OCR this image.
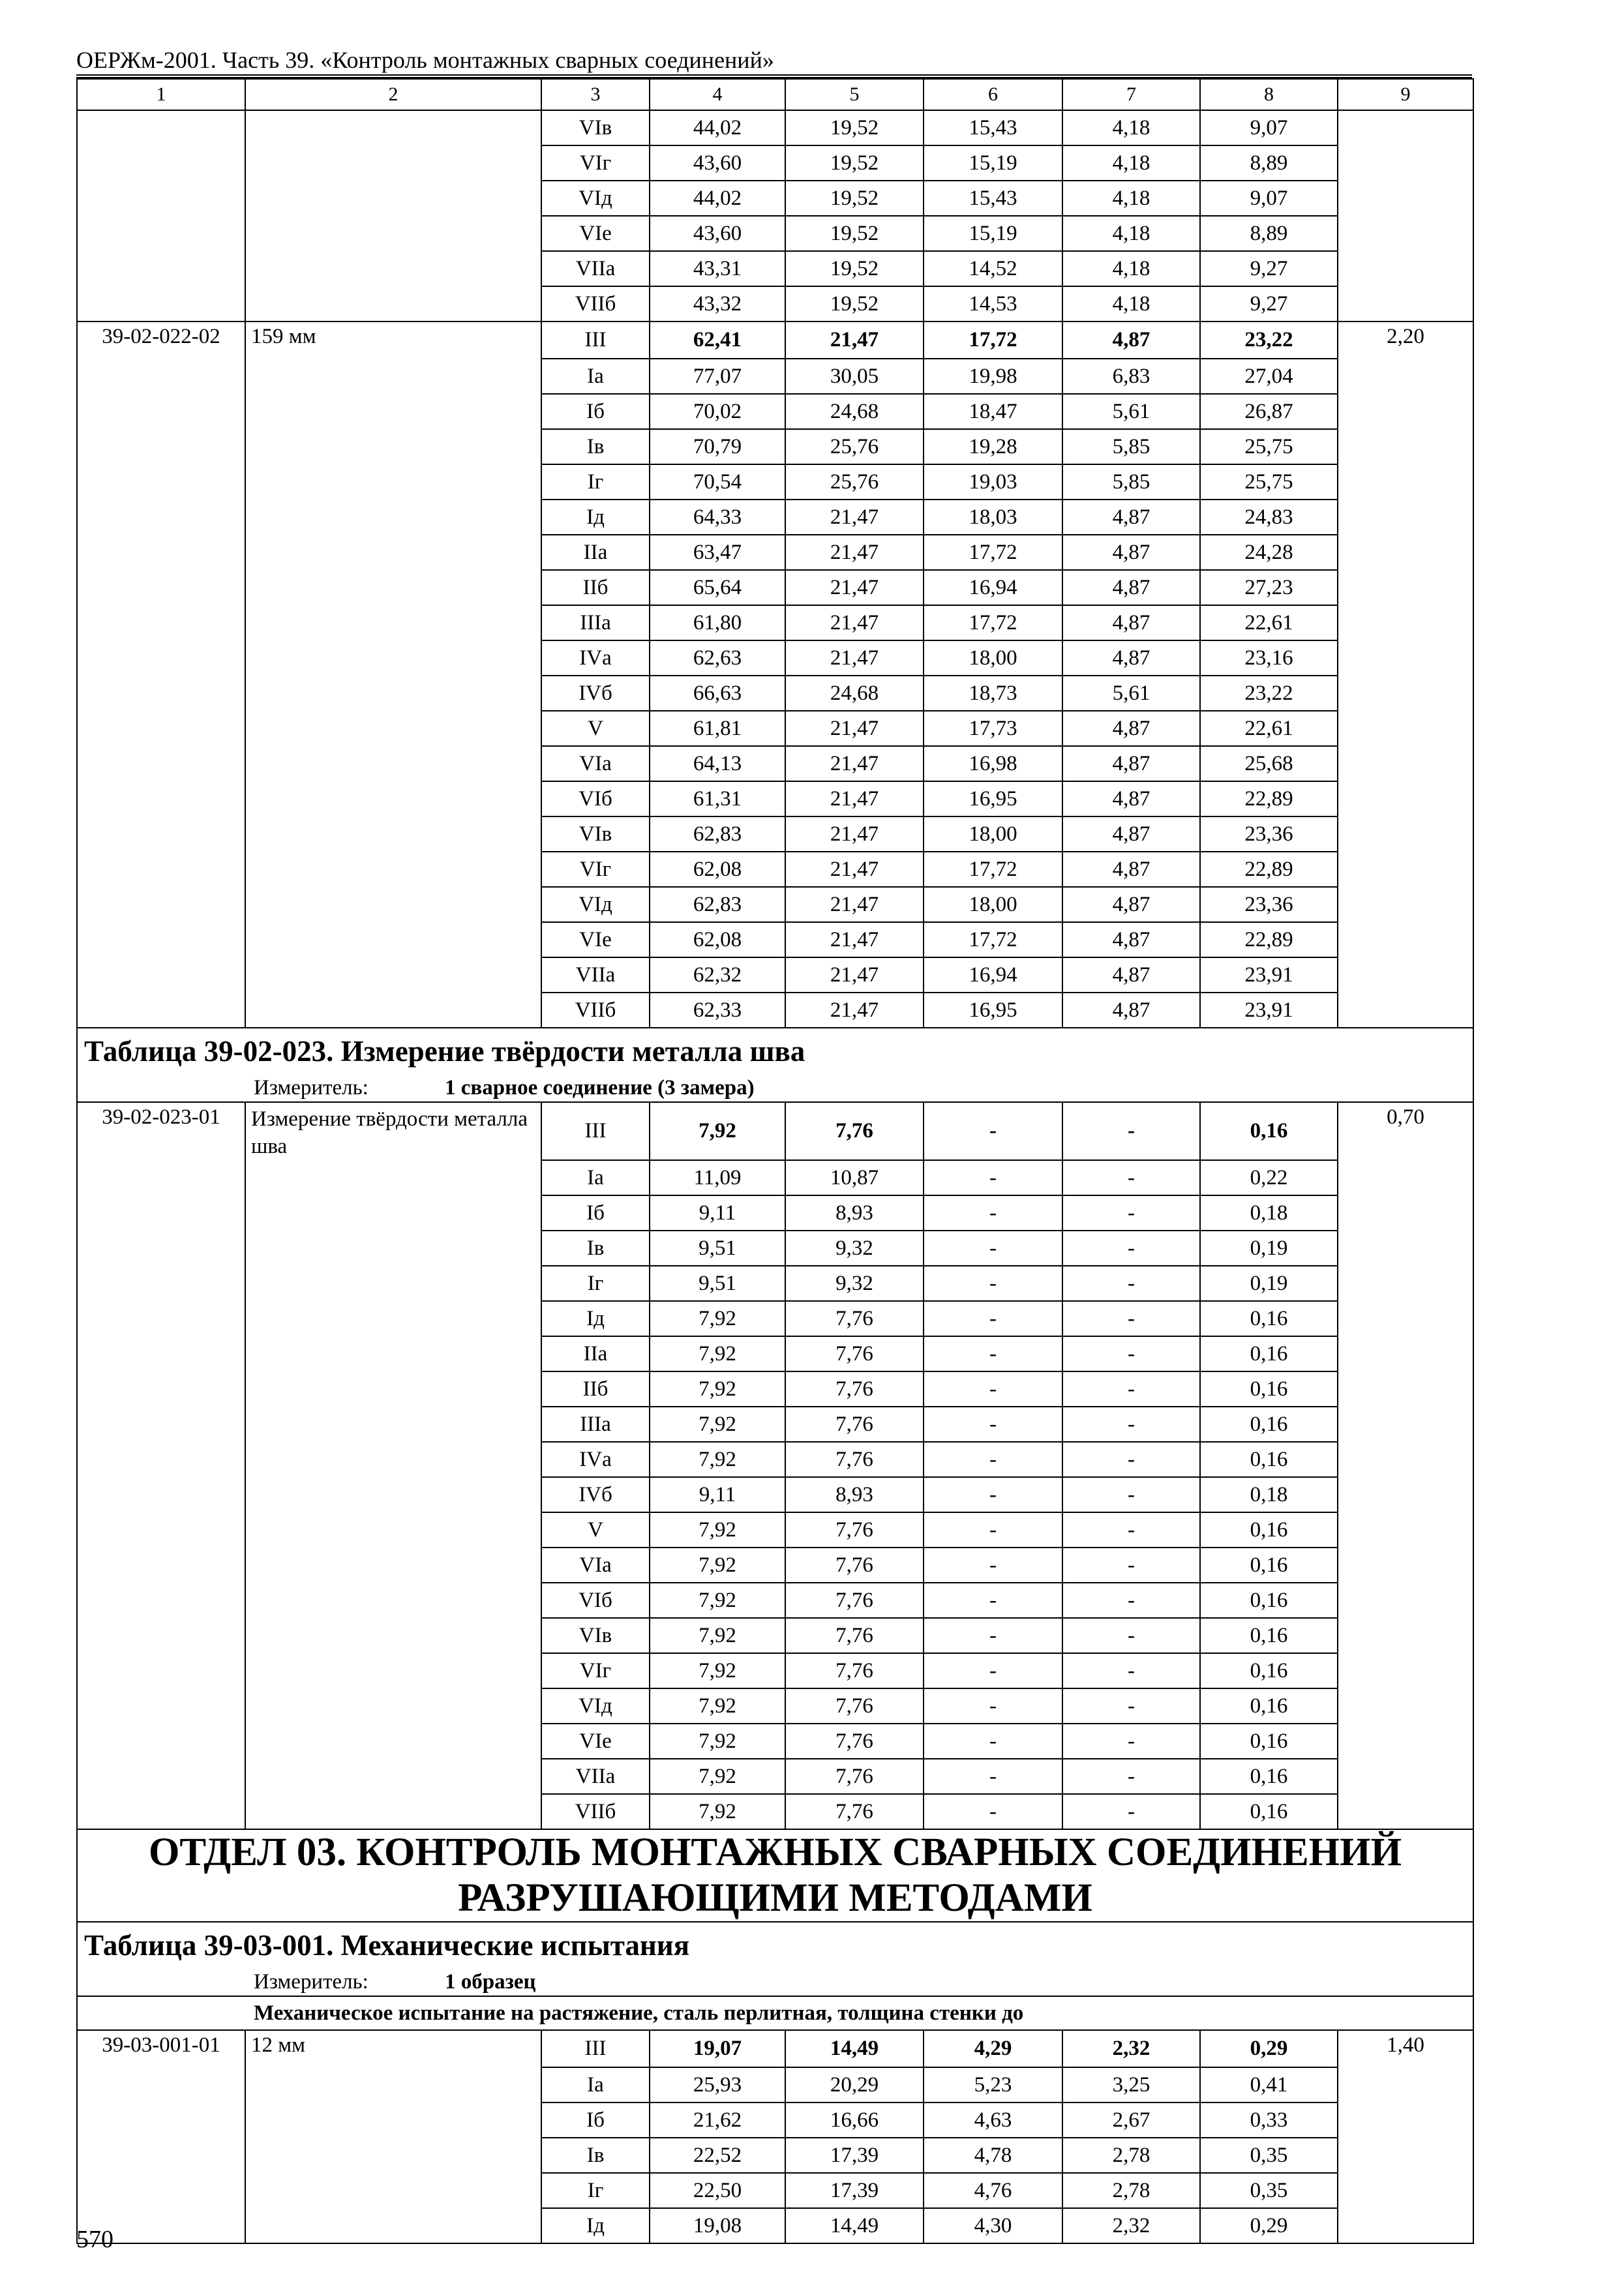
ОЕРЖм-2001. Часть 39. «Контроль монтажных сварных соединений»
1	2	3	4	5	6	7	8	9
		VIв	44,02	19,52	15,43	4,18	9,07	
		VIг	43,60	19,52	15,19	4,18	8,89	
		VIд	44,02	19,52	15,43	4,18	9,07	
		VIе	43,60	19,52	15,19	4,18	8,89	
		VIIа	43,31	19,52	14,52	4,18	9,27	
		VIIб	43,32	19,52	14,53	4,18	9,27	
39-02-022-02	159 мм	III	62,41	21,47	17,72	4,87	23,22	2,20
		Iа	77,07	30,05	19,98	6,83	27,04	
		Iб	70,02	24,68	18,47	5,61	26,87	
		Iв	70,79	25,76	19,28	5,85	25,75	
		Iг	70,54	25,76	19,03	5,85	25,75	
		Iд	64,33	21,47	18,03	4,87	24,83	
		IIа	63,47	21,47	17,72	4,87	24,28	
		IIб	65,64	21,47	16,94	4,87	27,23	
		IIIа	61,80	21,47	17,72	4,87	22,61	
		IVа	62,63	21,47	18,00	4,87	23,16	
		IVб	66,63	24,68	18,73	5,61	23,22	
		V	61,81	21,47	17,73	4,87	22,61	
		VIа	64,13	21,47	16,98	4,87	25,68	
		VIб	61,31	21,47	16,95	4,87	22,89	
		VIв	62,83	21,47	18,00	4,87	23,36	
		VIг	62,08	21,47	17,72	4,87	22,89	
		VIд	62,83	21,47	18,00	4,87	23,36	
		VIе	62,08	21,47	17,72	4,87	22,89	
		VIIа	62,32	21,47	16,94	4,87	23,91	
		VIIб	62,33	21,47	16,95	4,87	23,91	
Таблица 39-02-023. Измерение твёрдости металла шва								
Измеритель: 1 сварное соединение (3 замера)								
39-02-023-01	Измерение твёрдости металла шва	III	7,92	7,76	-	-	0,16	0,70
		Iа	11,09	10,87	-	-	0,22	
		Iб	9,11	8,93	-	-	0,18	
		Iв	9,51	9,32	-	-	0,19	
		Iг	9,51	9,32	-	-	0,19	
		Iд	7,92	7,76	-	-	0,16	
		IIа	7,92	7,76	-	-	0,16	
		IIб	7,92	7,76	-	-	0,16	
		IIIа	7,92	7,76	-	-	0,16	
		IVа	7,92	7,76	-	-	0,16	
		IVб	9,11	8,93	-	-	0,18	
		V	7,92	7,76	-	-	0,16	
		VIа	7,92	7,76	-	-	0,16	
		VIб	7,92	7,76	-	-	0,16	
		VIв	7,92	7,76	-	-	0,16	
		VIг	7,92	7,76	-	-	0,16	
		VIд	7,92	7,76	-	-	0,16	
		VIе	7,92	7,76	-	-	0,16	
		VIIа	7,92	7,76	-	-	0,16	
		VIIб	7,92	7,76	-	-	0,16	
ОТДЕЛ 03. КОНТРОЛЬ МОНТАЖНЫХ СВАРНЫХ СОЕДИНЕНИЙ
РАЗРУШАЮЩИМИ МЕТОДАМИ								
Таблица 39-03-001. Механические испытания								
Измеритель: 1 образец								
Механическое испытание на растяжение, сталь перлитная, толщина стенки до								
39-03-001-01	12 мм	III	19,07	14,49	4,29	2,32	0,29	1,40
		Iа	25,93	20,29	5,23	3,25	0,41	
		Iб	21,62	16,66	4,63	2,67	0,33	
		Iв	22,52	17,39	4,78	2,78	0,35	
		Iг	22,50	17,39	4,76	2,78	0,35	
		Iд	19,08	14,49	4,30	2,32	0,29	
570
